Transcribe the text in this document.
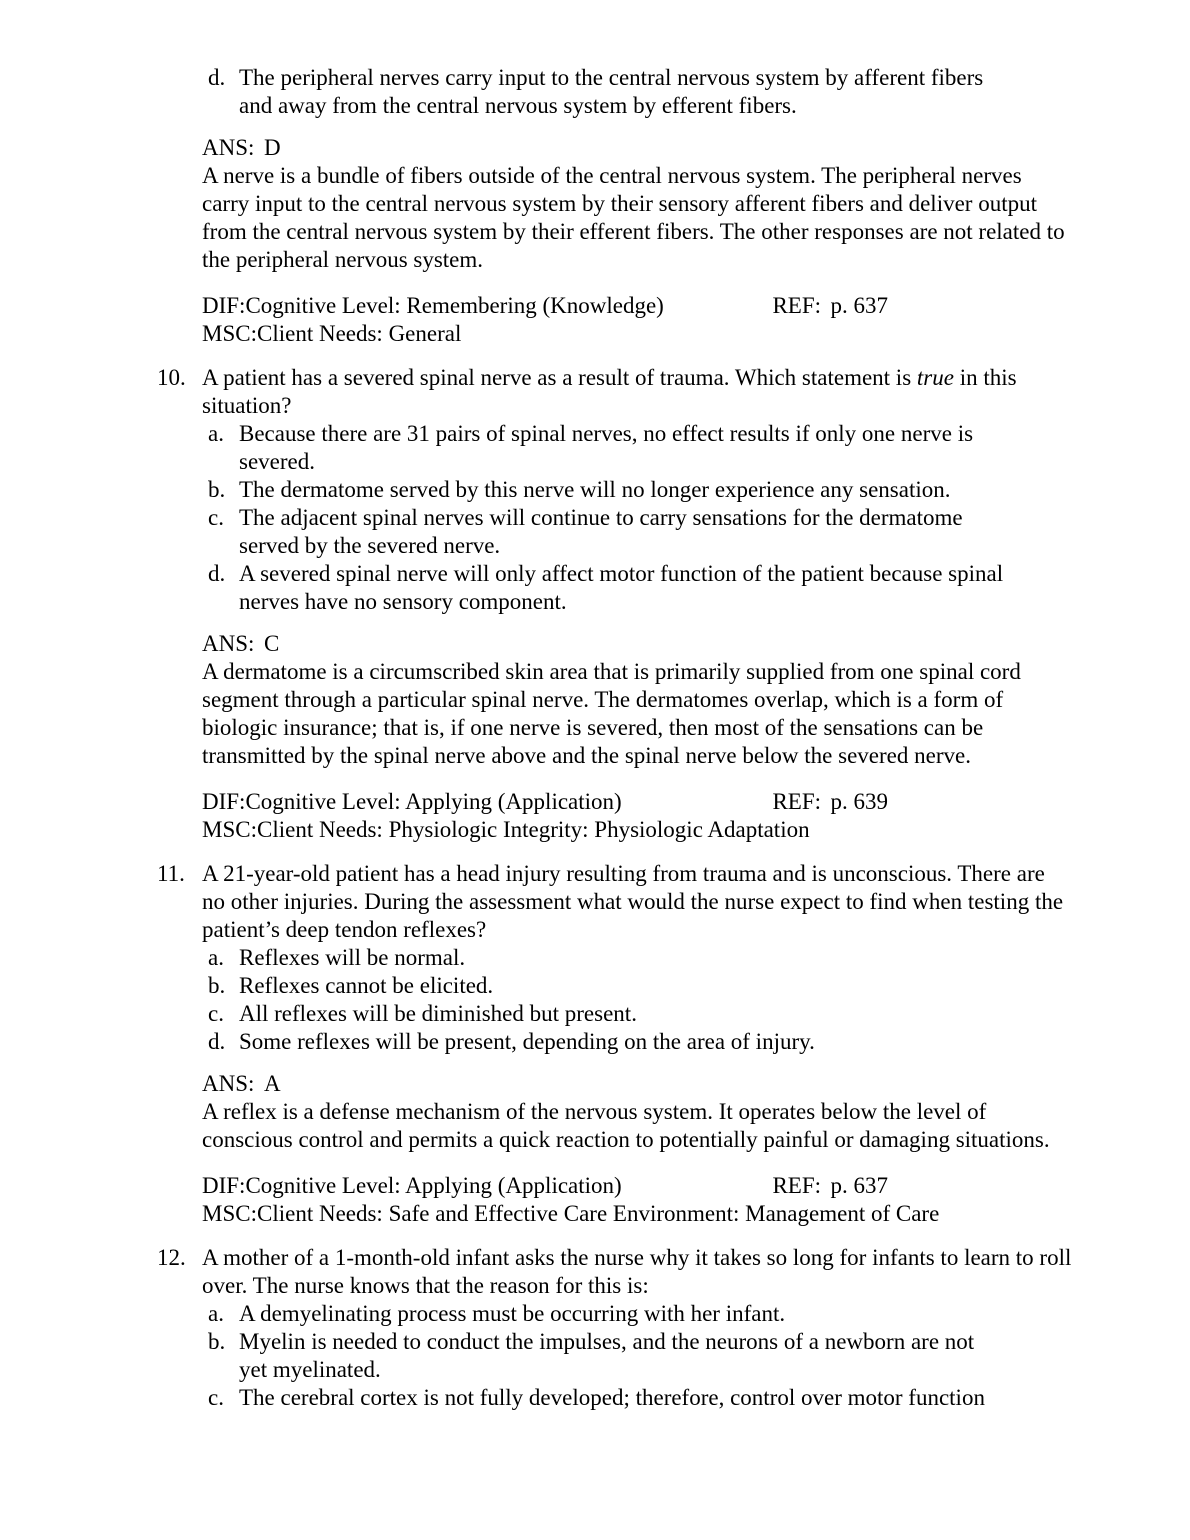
d. The peripheral nerves carry input to the central nervous system by afferent fibers
and away from the central nervous system by efferent fibers.
ANS: D
A nerve is a bundle of fibers outside of the central nervous system. The peripheral nerves
carry input to the central nervous system by their sensory afferent fibers and deliver output
from the central nervous system by their efferent fibers. The other responses are not related to
the peripheral nervous system.
DIF: Cognitive Level: Remembering (Knowledge)	REF: p. 637
MSC: Client Needs: General
10. A patient has a severed spinal nerve as a result of trauma. Which statement is true in this
situation?
a. Because there are 31 pairs of spinal nerves, no effect results if only one nerve is
severed.
b. The dermatome served by this nerve will no longer experience any sensation.
c. The adjacent spinal nerves will continue to carry sensations for the dermatome
served by the severed nerve.
d. A severed spinal nerve will only affect motor function of the patient because spinal
nerves have no sensory component.
ANS: C
A dermatome is a circumscribed skin area that is primarily supplied from one spinal cord
segment through a particular spinal nerve. The dermatomes overlap, which is a form of
biologic insurance; that is, if one nerve is severed, then most of the sensations can be
transmitted by the spinal nerve above and the spinal nerve below the severed nerve.
DIF: Cognitive Level: Applying (Application)	REF: p. 639
MSC: Client Needs: Physiologic Integrity: Physiologic Adaptation
11. A 21-year-old patient has a head injury resulting from trauma and is unconscious. There are
no other injuries. During the assessment what would the nurse expect to find when testing the
patient’s deep tendon reflexes?
a. Reflexes will be normal.
b. Reflexes cannot be elicited.
c. All reflexes will be diminished but present.
d. Some reflexes will be present, depending on the area of injury.
ANS: A
A reflex is a defense mechanism of the nervous system. It operates below the level of
conscious control and permits a quick reaction to potentially painful or damaging situations.
DIF: Cognitive Level: Applying (Application)	REF: p. 637
MSC: Client Needs: Safe and Effective Care Environment: Management of Care
12. A mother of a 1-month-old infant asks the nurse why it takes so long for infants to learn to roll
over. The nurse knows that the reason for this is:
a. A demyelinating process must be occurring with her infant.
b. Myelin is needed to conduct the impulses, and the neurons of a newborn are not
yet myelinated.
c. The cerebral cortex is not fully developed; therefore, control over motor function
